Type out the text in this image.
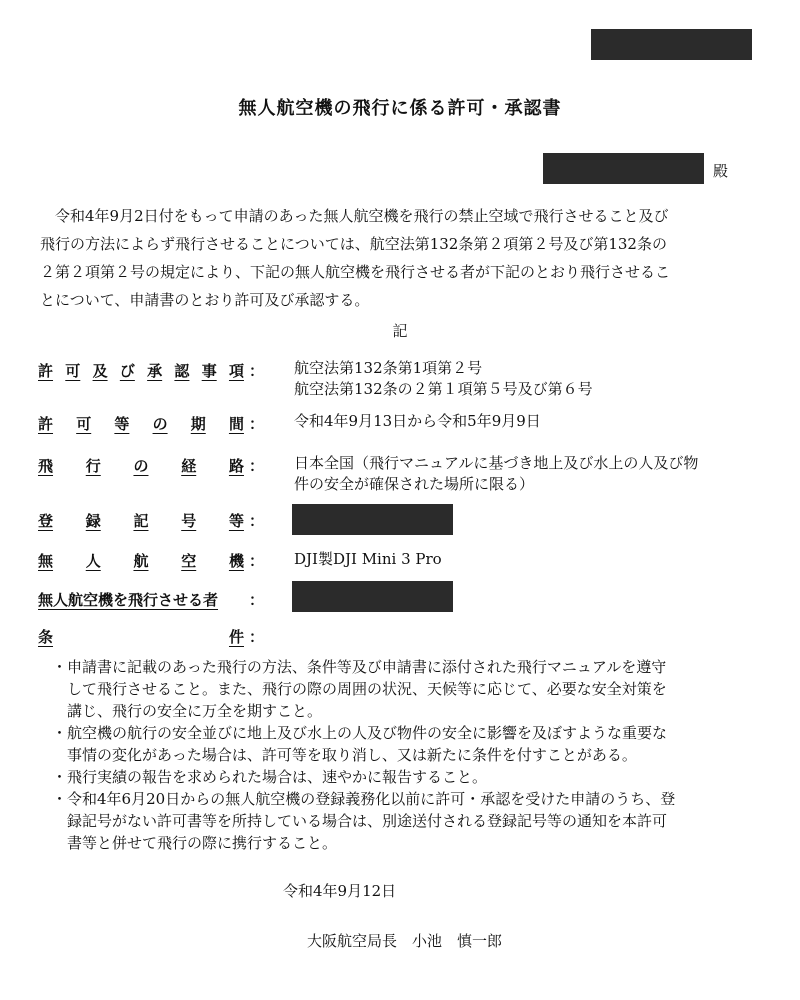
無人航空機の飛行に係る許可・承認書
殿
　令和4年9月2日付をもって申請のあった無人航空機を飛行の禁止空域で飛行させること及び
飛行の方法によらず飛行させることについては、航空法第132条第２項第２号及び第132条の
２第２項第２号の規定により、下記の無人航空機を飛行させる者が下記のとおり飛行させるこ
とについて、申請書のとおり許可及び承認する。
記
許 可 及 び 承 認 事 項 ： 航空法第132条第1項第２号
航空法第132条の２第１項第５号及び第６号
許 可 等 の 期 間 ： 令和4年9月13日から令和5年9月9日
飛 行 の 経 路 ： 日本全国（飛行マニュアルに基づき地上及び水上の人及び物
件の安全が確保された場所に限る）
登 録 記 号 等 ：
無 人 航 空 機 ： DJI製DJI Mini 3 Pro
無人航空機を飛行させる者 ：
条	件 ：
・ 申請書に記載のあった飛行の方法、条件等及び申請書に添付された飛行マニュアルを遵守
して飛行させること。また、飛行の際の周囲の状況、天候等に応じて、必要な安全対策を
講じ、飛行の安全に万全を期すこと。
・ 航空機の航行の安全並びに地上及び水上の人及び物件の安全に影響を及ぼすような重要な
事情の変化があった場合は、許可等を取り消し、又は新たに条件を付すことがある。
・ 飛行実績の報告を求められた場合は、速やかに報告すること。
・ 令和4年6月20日からの無人航空機の登録義務化以前に許可・承認を受けた申請のうち、登
録記号がない許可書等を所持している場合は、別途送付される登録記号等の通知を本許可
書等と併せて飛行の際に携行すること。
令和4年9月12日
大阪航空局長　小池　慎一郎
